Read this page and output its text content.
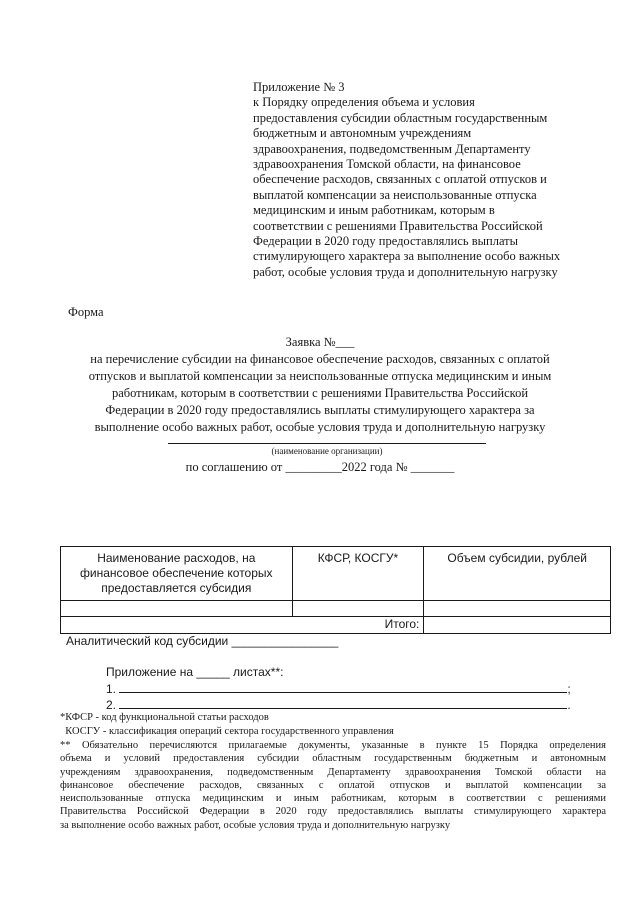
Приложение № 3
к Порядку определения объема и условия
предоставления субсидии областным государственным
бюджетным и автономным учреждениям
здравоохранения, подведомственным Департаменту
здравоохранения Томской области, на финансовое
обеспечение расходов, связанных с оплатой отпусков и
выплатой компенсации за неиспользованные отпуска
медицинским и иным работникам, которым в
соответствии с решениями Правительства Российской
Федерации в 2020 году предоставлялись выплаты
стимулирующего характера за выполнение особо важных
работ, особые условия труда и дополнительную нагрузку
Форма
Заявка №___
на перечисление субсидии на финансовое обеспечение расходов, связанных с оплатой
отпусков и выплатой компенсации за неиспользованные отпуска медицинским и иным
работникам, которым в соответствии с решениями Правительства Российской
Федерации в 2020 году предоставлялись выплаты стимулирующего характера за
выполнение особо важных работ, особые условия труда и дополнительную нагрузку
(наименование организации)
по соглашению от _________2022 года № _______
Наименование расходов, на финансовое обеспечение которых предоставляется субсидия	КФСР, КОСГУ*	Объем субсидии, рублей

Итого:		
Аналитический код субсидии ________________
Приложение на _____ листах**:
1.	;
2.	.
*КФСР - код функциональной статьи расходов
КОСГУ - классификация операций сектора государственного управления
** Обязательно перечисляются прилагаемые документы, указанные в пункте 15 Порядка определения
объема и условий предоставления субсидии областным государственным бюджетным и автономным
учреждениям здравоохранения, подведомственным Департаменту здравоохранения Томской области на
финансовое обеспечение расходов, связанных с оплатой отпусков и выплатой компенсации за
неиспользованные отпуска медицинским и иным работникам, которым в соответствии с решениями
Правительства Российской Федерации в 2020 году предоставлялись выплаты стимулирующего характера
за выполнение особо важных работ, особые условия труда и дополнительную нагрузку
